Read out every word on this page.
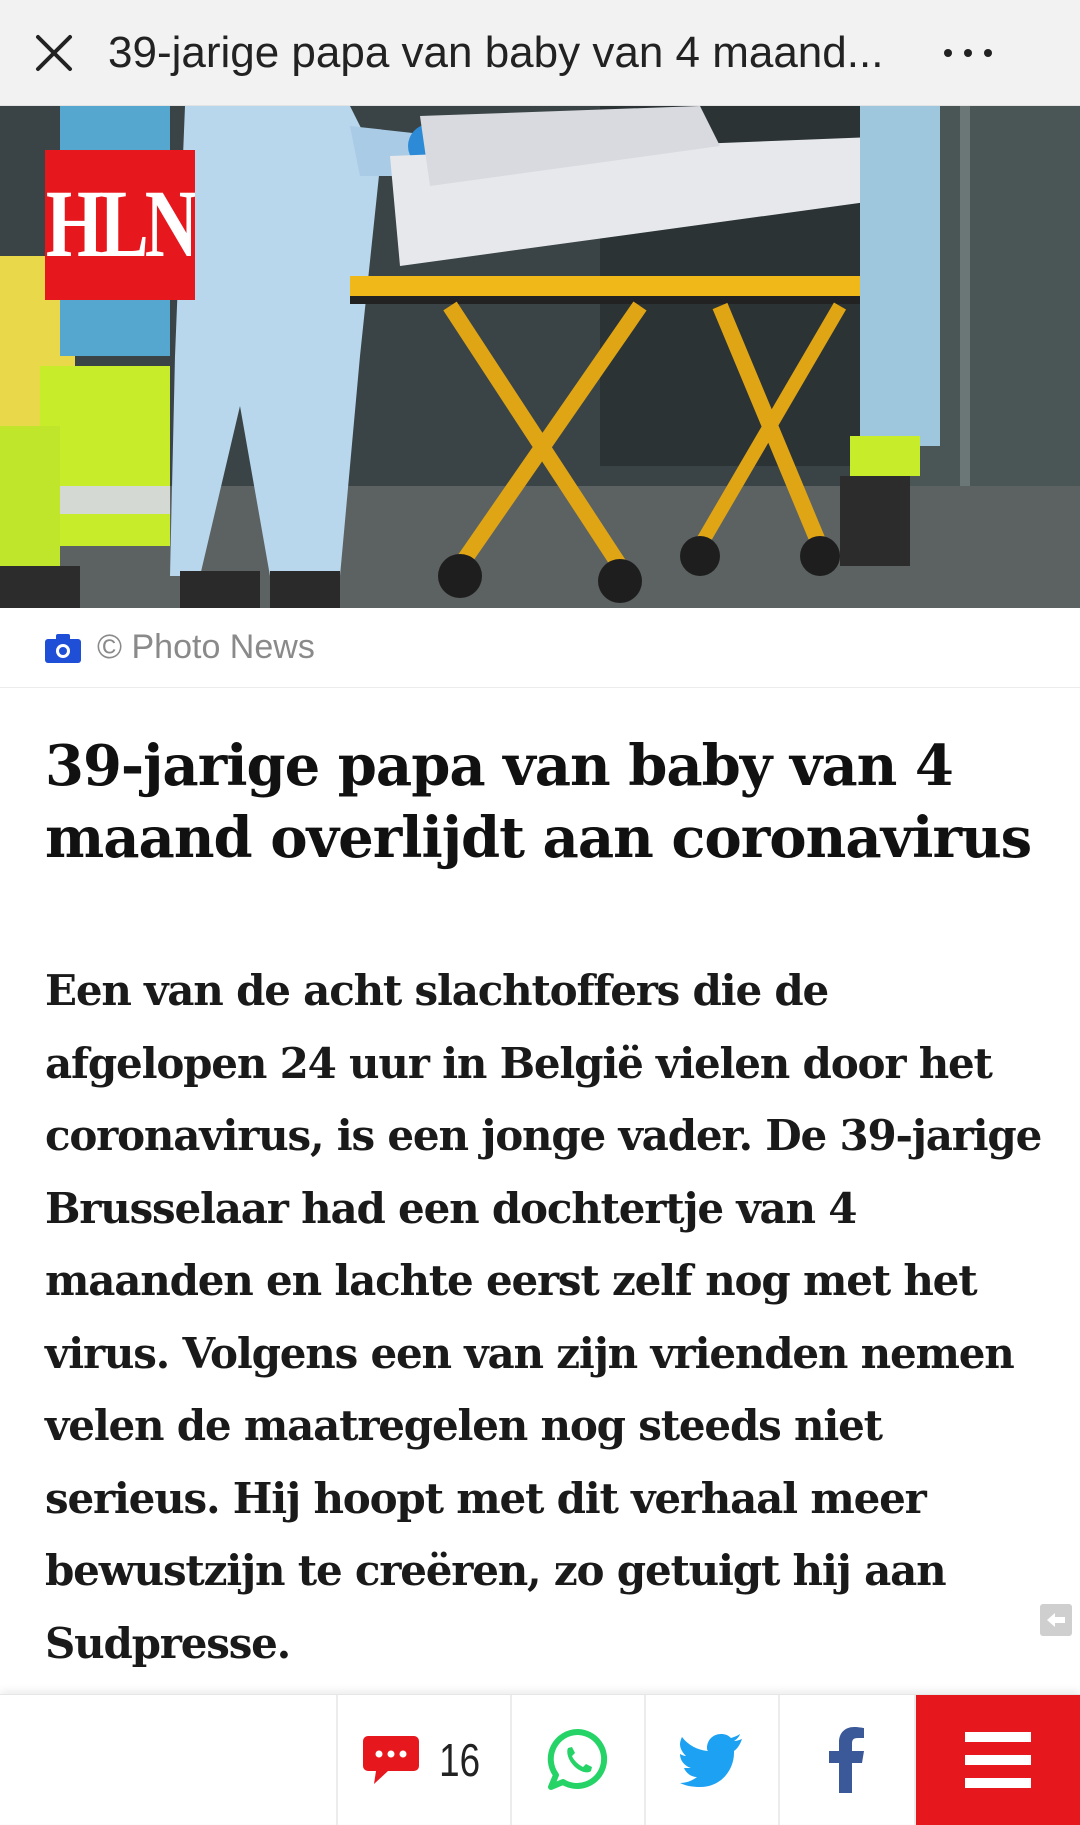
39-jarige papa van baby van 4 maand...
HLN
© Photo News
39-jarige papa van baby van 4 maand overlijdt aan coronavirus

Een van de acht slachtoffers die de afgelopen 24 uur in België vielen door het coronavirus, is een jonge vader. De 39-jarige Brusselaar had een dochtertje van 4 maanden en lachte eerst zelf nog met het virus. Volgens een van zijn vrienden nemen velen de maatregelen nog steeds niet serieus. Hij hoopt met dit verhaal meer bewustzijn te creëren, zo getuigt hij aan Sudpresse.

16
